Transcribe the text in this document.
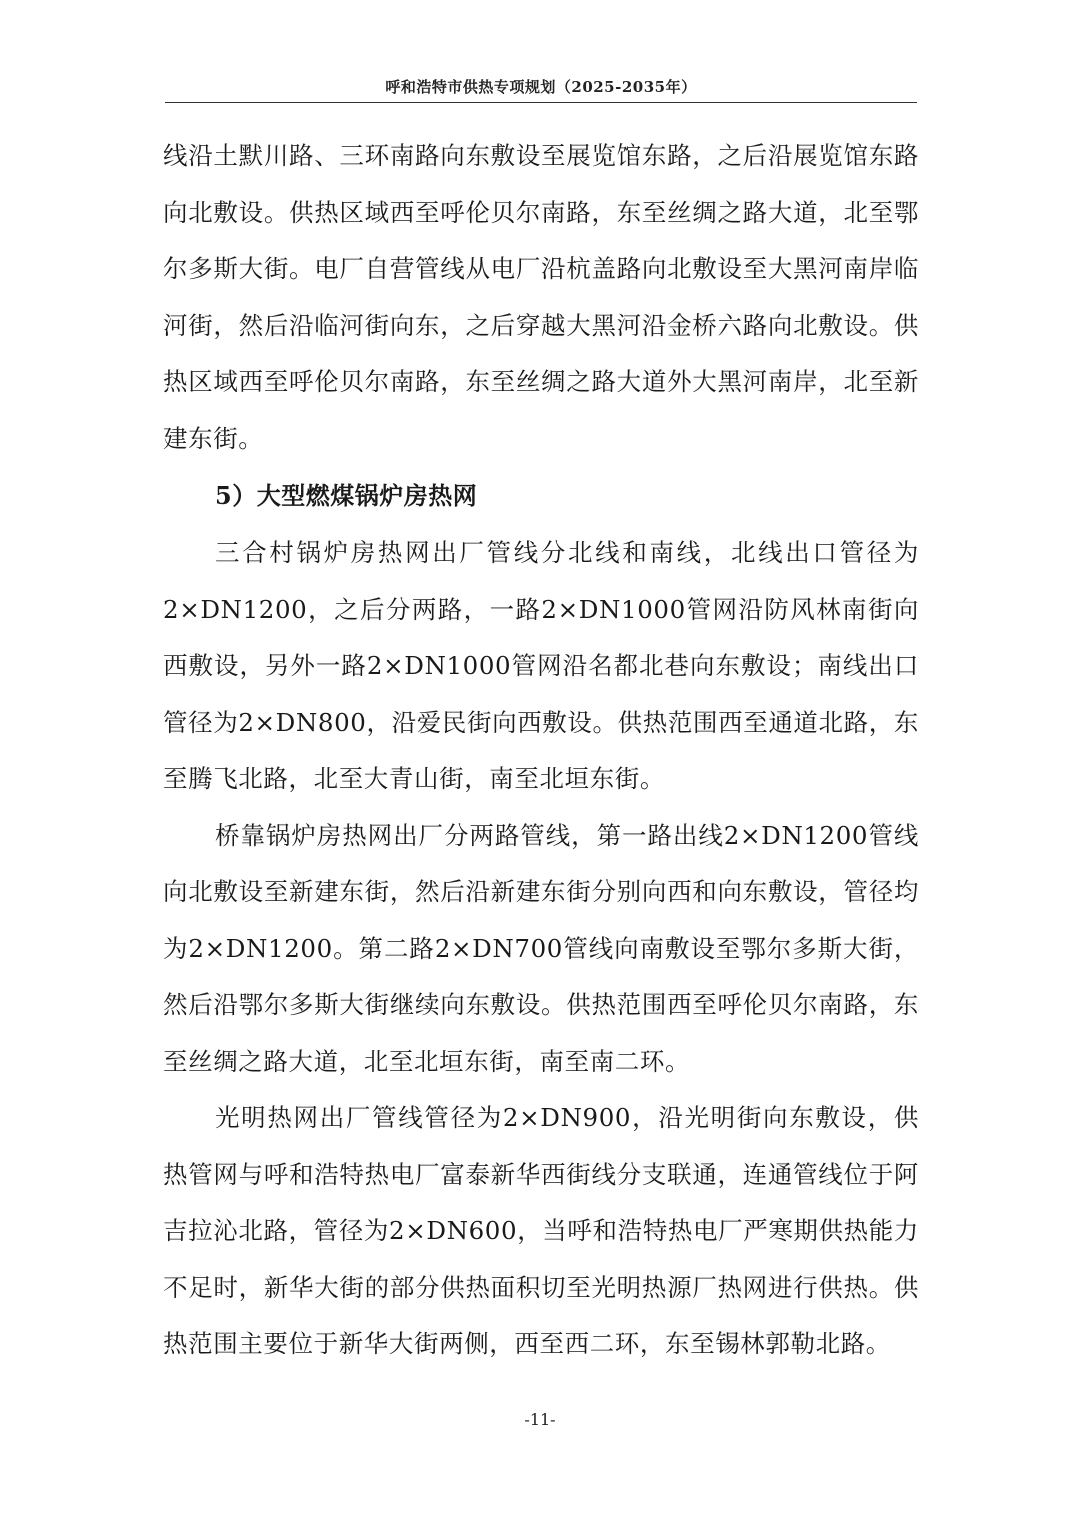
呼和浩特市供热专项规划（2025-2035年）

线沿土默川路、三环南路向东敷设至展览馆东路，之后沿展览馆东路向北敷设。供热区域西至呼伦贝尔南路，东至丝绸之路大道，北至鄂尔多斯大街。电厂自营管线从电厂沿杭盖路向北敷设至大黑河南岸临河街，然后沿临河街向东，之后穿越大黑河沿金桥六路向北敷设。供热区域西至呼伦贝尔南路，东至丝绸之路大道外大黑河南岸，北至新建东街。

5）大型燃煤锅炉房热网

三合村锅炉房热网出厂管线分北线和南线，北线出口管径为2×DN1200，之后分两路，一路2×DN1000管网沿防风林南街向西敷设，另外一路2×DN1000管网沿名都北巷向东敷设；南线出口管径为2×DN800，沿爱民街向西敷设。供热范围西至通道北路，东至腾飞北路，北至大青山街，南至北垣东街。

桥靠锅炉房热网出厂分两路管线，第一路出线2×DN1200管线向北敷设至新建东街，然后沿新建东街分别向西和向东敷设，管径均为2×DN1200。第二路2×DN700管线向南敷设至鄂尔多斯大街，然后沿鄂尔多斯大街继续向东敷设。供热范围西至呼伦贝尔南路，东至丝绸之路大道，北至北垣东街，南至南二环。

光明热网出厂管线管径为2×DN900，沿光明街向东敷设，供热管网与呼和浩特热电厂富泰新华西街线分支联通，连通管线位于阿吉拉沁北路，管径为2×DN600，当呼和浩特热电厂严寒期供热能力不足时，新华大街的部分供热面积切至光明热源厂热网进行供热。供热范围主要位于新华大街两侧，西至西二环，东至锡林郭勒北路。

-11-
